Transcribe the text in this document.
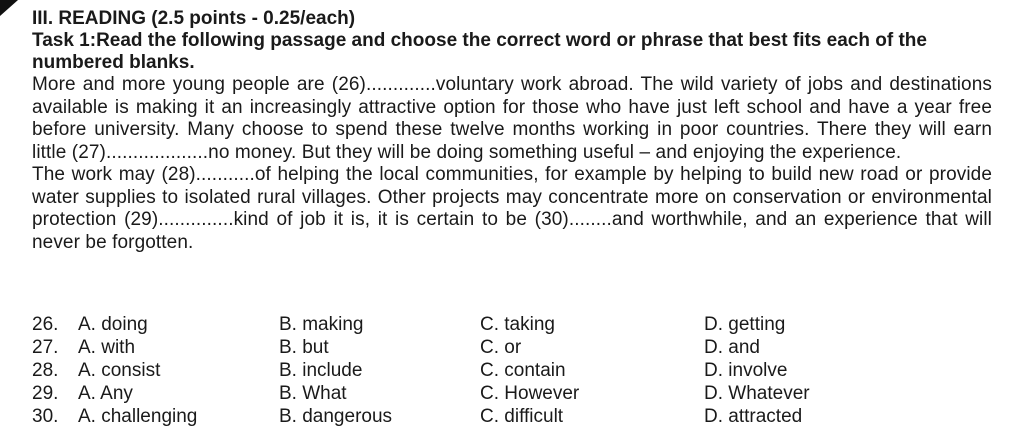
III. READING (2.5 points - 0.25/each)

Task 1:Read the following passage and choose the correct word or phrase that best fits each of the numbered blanks.

More and more young people are (26).............voluntary work abroad. The wild variety of jobs and destinations available is making it an increasingly attractive option for those who have just left school and have a year free before university. Many choose to spend these twelve months working in poor countries. There they will earn little (27)...................no money. But they will be doing something useful – and enjoying the experience.

The work may (28)...........of helping the local communities, for example by helping to build new road or provide water supplies to isolated rural villages. Other projects may concentrate more on conservation or environmental protection (29)..............kind of job it is, it is certain to be (30)........and worthwhile, and an experience that will never be forgotten.

26. A. doing	B. making	C. taking	D. getting
27. A. with	B. but	C. or	D. and
28. A. consist	B. include	C. contain	D. involve
29. A. Any	B. What	C. However	D. Whatever
30. A. challenging	B. dangerous	C. difficult	D. attracted
